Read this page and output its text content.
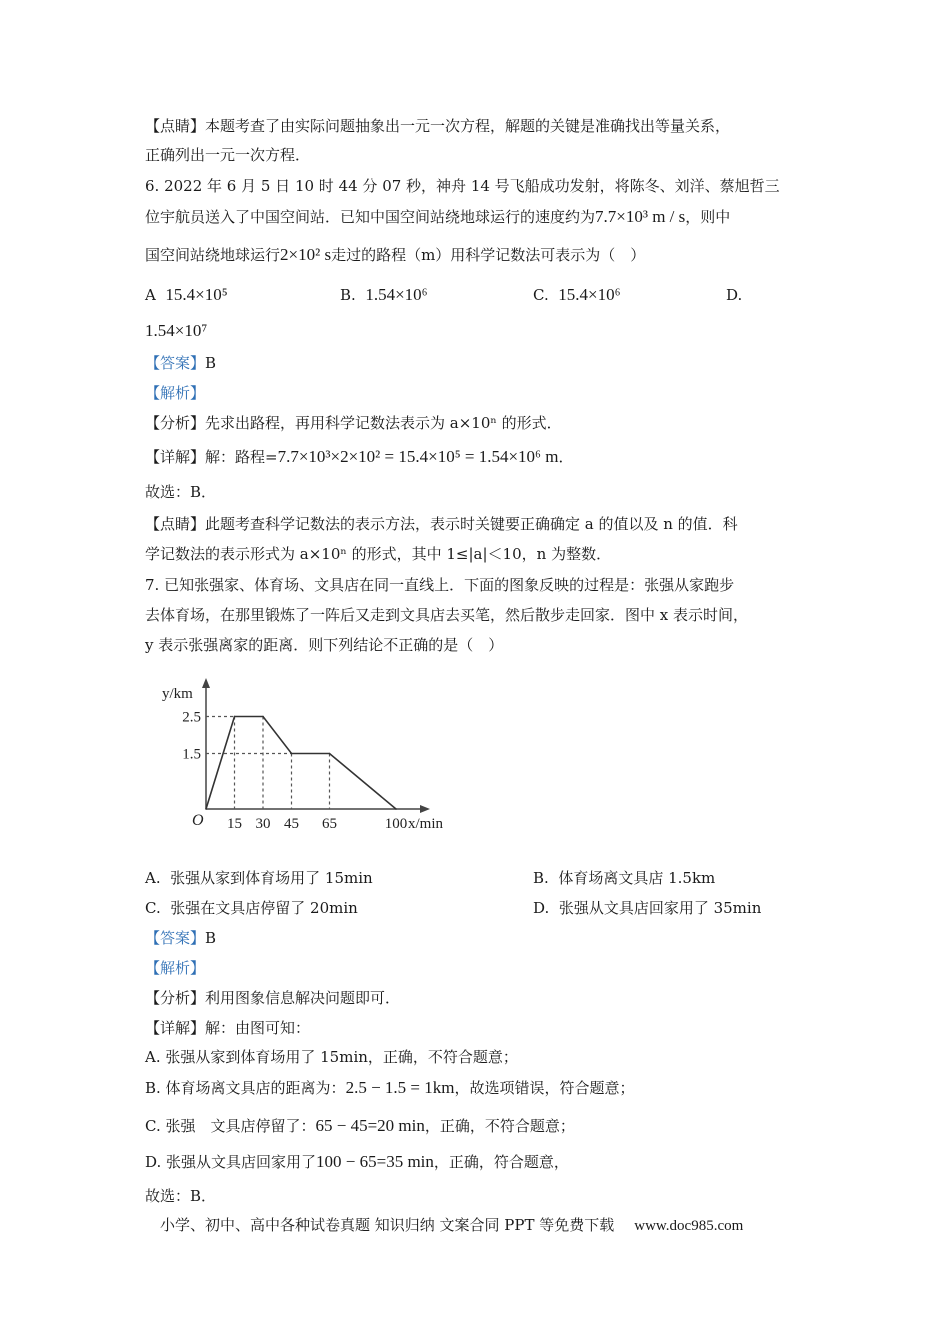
【点睛】本题考查了由实际问题抽象出一元一次方程，解题的关键是准确找出等量关系，
正确列出一元一次方程．
6. 2022 年 6 月 5 日 10 时 44 分 07 秒，神舟 14 号飞船成功发射，将陈冬、刘洋、蔡旭哲三
位宇航员送入了中国空间站．已知中国空间站绕地球运行的速度约为7.7×10³ m / s，则中
国空间站绕地球运行2×10² s走过的路程（m）用科学记数法可表示为（　）
A 15.4×10⁵	B. 1.54×10⁶	C. 15.4×10⁶	D.
1.54×10⁷
【答案】B
【解析】
【分析】先求出路程，再用科学记数法表示为 a×10ⁿ 的形式．
【详解】解：路程=7.7×10³×2×10² = 15.4×10⁵ = 1.54×10⁶ m．
故选：B．
【点睛】此题考查科学记数法的表示方法，表示时关键要正确确定 a 的值以及 n 的值．科
学记数法的表示形式为 a×10ⁿ 的形式，其中 1≤|a|＜10，n 为整数．
7. 已知张强家、体育场、文具店在同一直线上．下面的图象反映的过程是：张强从家跑步
去体育场，在那里锻炼了一阵后又走到文具店去买笔，然后散步走回家．图中 x 表示时间，
y 表示张强离家的距离．则下列结论不正确的是（　）
15 30 45 65	100
1.5
2.5
O	x/min
y/km
A. 张强从家到体育场用了 15min	B. 体育场离文具店 1.5km
C. 张强在文具店停留了 20min	D. 张强从文具店回家用了 35min
【答案】B
【解析】
【分析】利用图象信息解决问题即可．
【详解】解：由图可知：
A. 张强从家到体育场用了 15min，正确，不符合题意；
B. 体育场离文具店的距离为：2.5 − 1.5 = 1km，故选项错误，符合题意；
C. 张强　文具店停留了：65 − 45=20 min，正确，不符合题意；
D. 张强从文具店回家用了100 − 65=35 min，正确，符合题意，
故选：B．
小学、初中、高中各种试卷真题 知识归纳 文案合同 PPT 等免费下载 www.doc985.com
